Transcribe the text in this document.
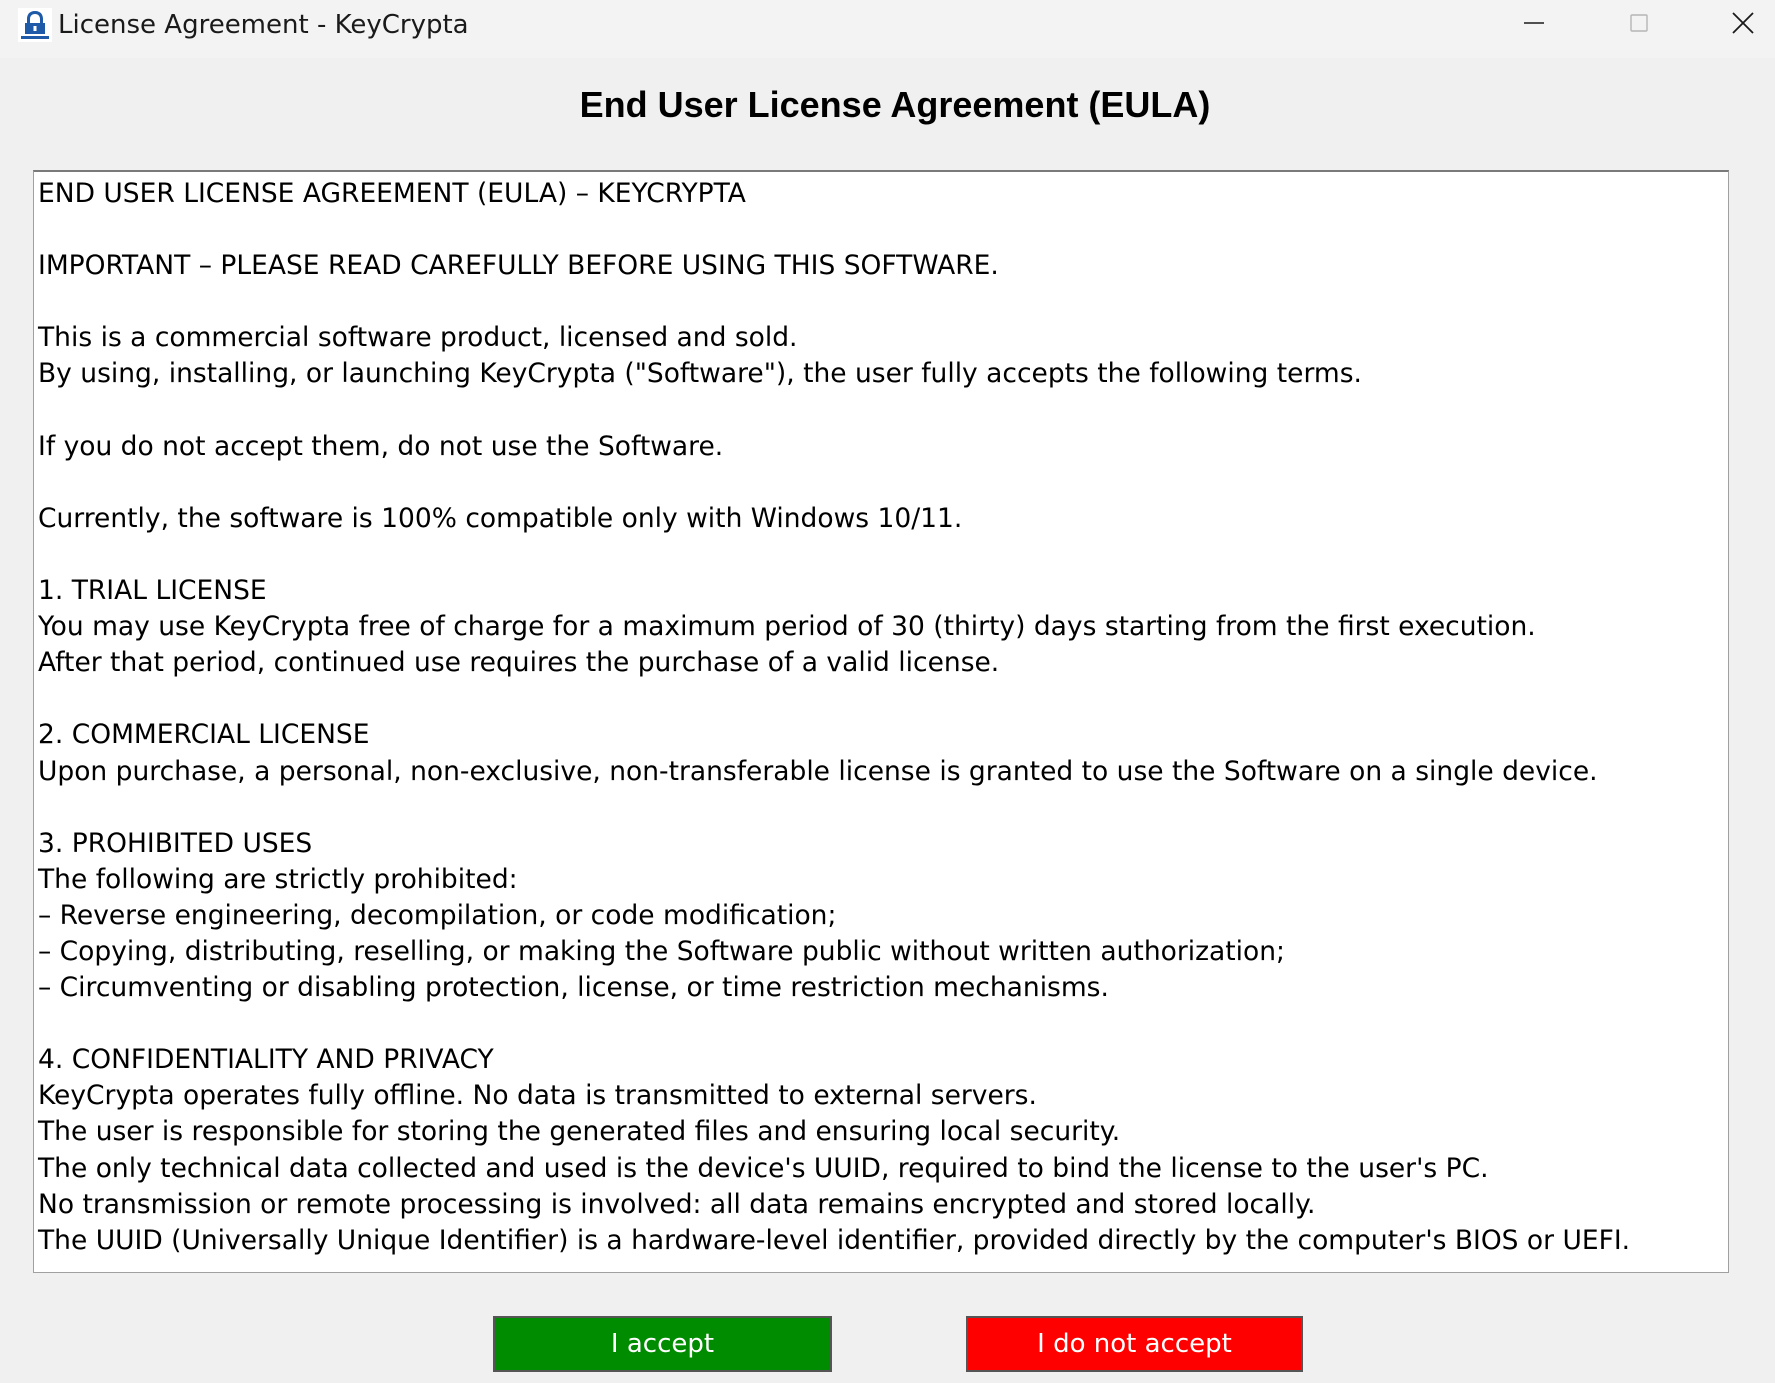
License Agreement - KeyCrypta
End User License Agreement (EULA)
END USER LICENSE AGREEMENT (EULA) – KEYCRYPTA

IMPORTANT – PLEASE READ CAREFULLY BEFORE USING THIS SOFTWARE.

This is a commercial software product, licensed and sold.
By using, installing, or launching KeyCrypta ("Software"), the user fully accepts the following terms.

If you do not accept them, do not use the Software.

Currently, the software is 100% compatible only with Windows 10/11.

1. TRIAL LICENSE
You may use KeyCrypta free of charge for a maximum period of 30 (thirty) days starting from the first execution.
After that period, continued use requires the purchase of a valid license.

2. COMMERCIAL LICENSE
Upon purchase, a personal, non-exclusive, non-transferable license is granted to use the Software on a single device.

3. PROHIBITED USES
The following are strictly prohibited:
– Reverse engineering, decompilation, or code modification;
– Copying, distributing, reselling, or making the Software public without written authorization;
– Circumventing or disabling protection, license, or time restriction mechanisms.

4. CONFIDENTIALITY AND PRIVACY
KeyCrypta operates fully offline. No data is transmitted to external servers.
The user is responsible for storing the generated files and ensuring local security.
The only technical data collected and used is the device's UUID, required to bind the license to the user's PC.
No transmission or remote processing is involved: all data remains encrypted and stored locally.
The UUID (Universally Unique Identifier) is a hardware-level identifier, provided directly by the computer's BIOS or UEFI.
I accept	I do not accept
